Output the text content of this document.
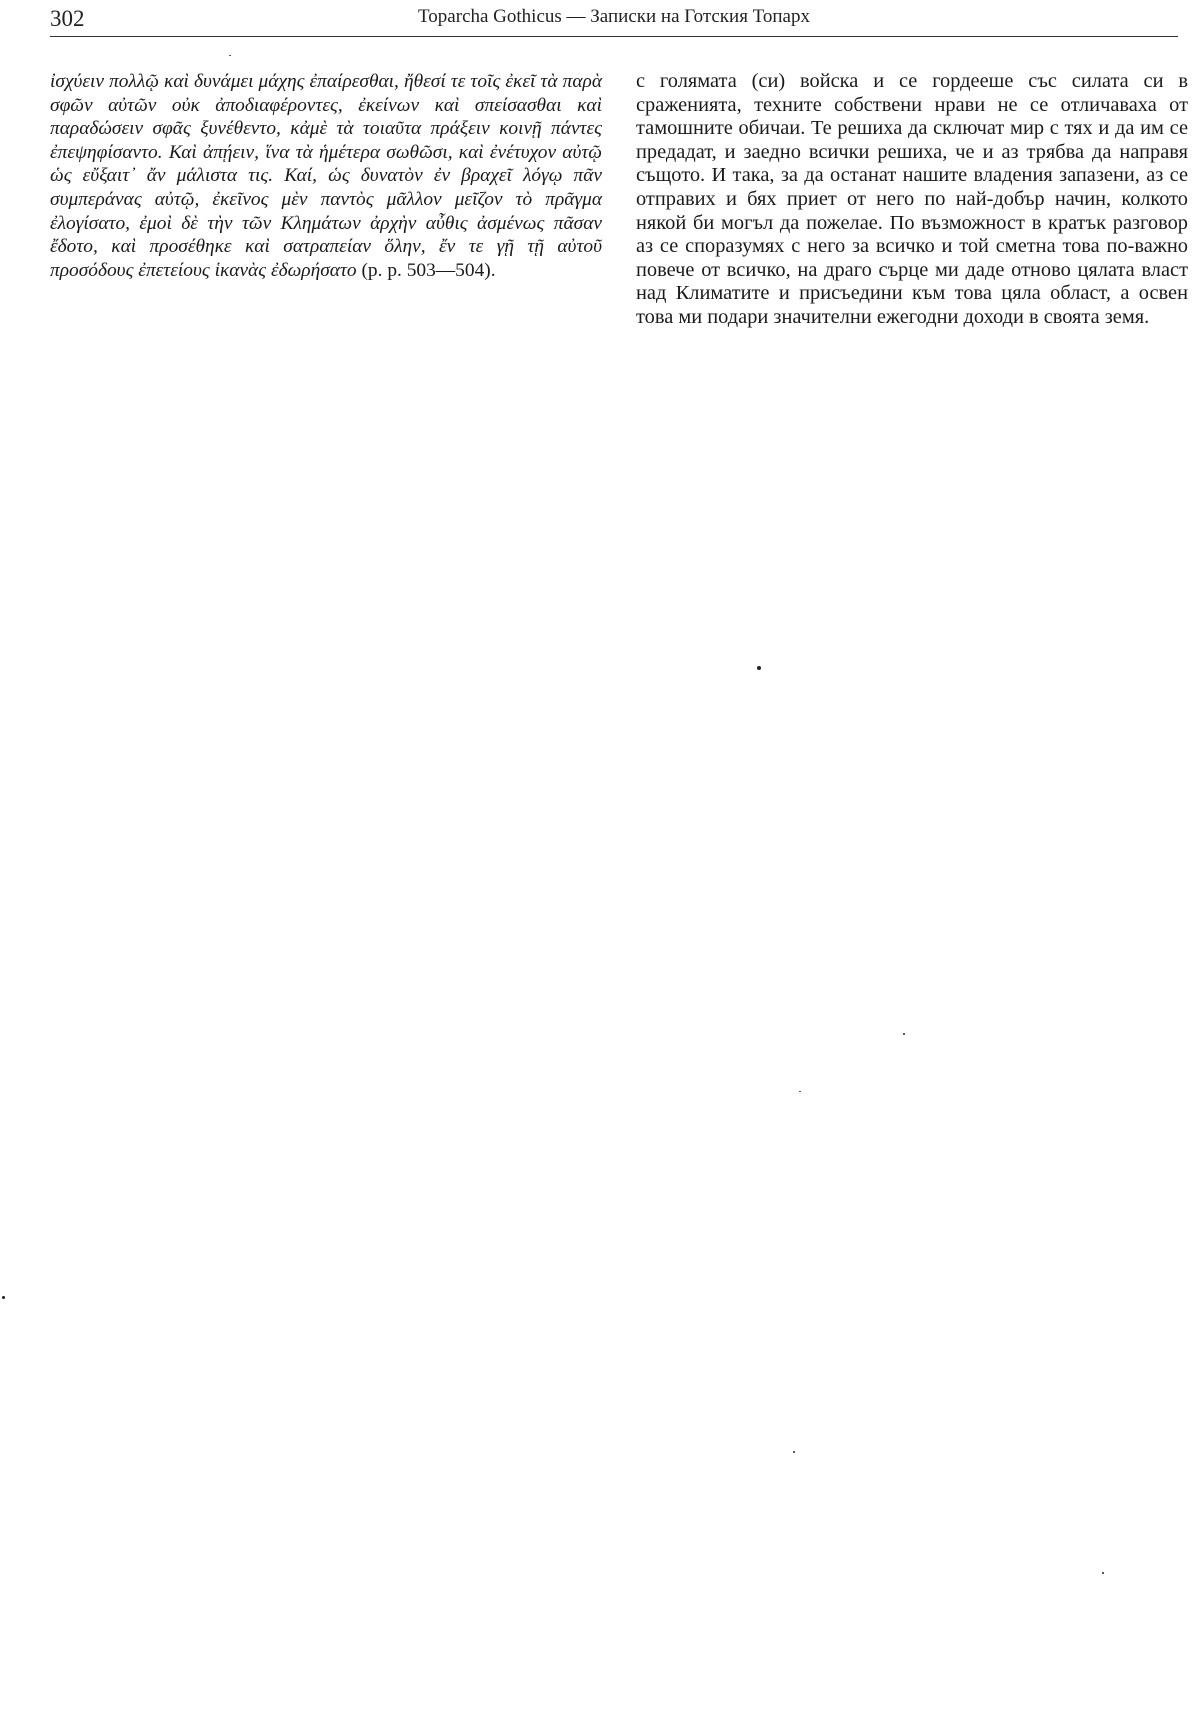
302	Toparcha Gothicus — Записки на Готския Топарх
ἰσχύειν πολλῷ καὶ δυνάμει μάχης ἐπαίρεσθαι, ἤθεσί τε τοῖς ἐκεῖ τὰ παρὰ σφῶν αὐτῶν οὐκ ἀποδιαφέροντες, ἐκείνων καὶ σπείσασθαι καὶ παραδώσειν σφᾶς ξυνέθεντο, κἀμὲ τὰ τοιαῦτα πράξειν κοινῇ πάντες ἐπεψηφίσαντο. Καὶ ἀπῄειν, ἵνα τὰ ἡμέτερα σωθῶσι, καὶ ἐνέτυχον αὐτῷ ὡς εὔξαιτ᾽ ἄν μάλιστα τις. Καί, ὡς δυνατὸν ἐν βραχεῖ λόγῳ πᾶν συμπεράνας αὐτῷ, ἐκεῖνος μὲν παντὸς μᾶλλον μεῖζον τὸ πρᾶγμα ἐλογίσατο, ἐμοὶ δὲ τὴν τῶν Κλημάτων ἀρχὴν αὖθις ἀσμένως πᾶσαν ἔδοτο, καὶ προσέθηκε καὶ σατραπείαν ὅλην, ἔν τε γῇ τῇ αὐτοῦ προσόδους ἐπετείους ἱκανὰς ἐδωρήσατο (p. p. 503—504).
с голямата (си) войска и се гордееше със силата си в сраженията, техните собствени нрави не се отличаваха от тамошните обичаи. Те решиха да сключат мир с тях и да им се предадат, и заедно всички решиха, че и аз трябва да направя същото. И така, за да останат нашите владения запазени, аз се отправих и бях приет от него по най-добър начин, колкото някой би могъл да пожелае. По възможност в кратък разговор аз се споразумях с него за всичко и той сметна това по-важно повече от всичко, на драго сърце ми даде отново цялата власт над Климатите и присъедини към това цяла област, а освен това ми подари значителни ежегодни доходи в своята земя.
